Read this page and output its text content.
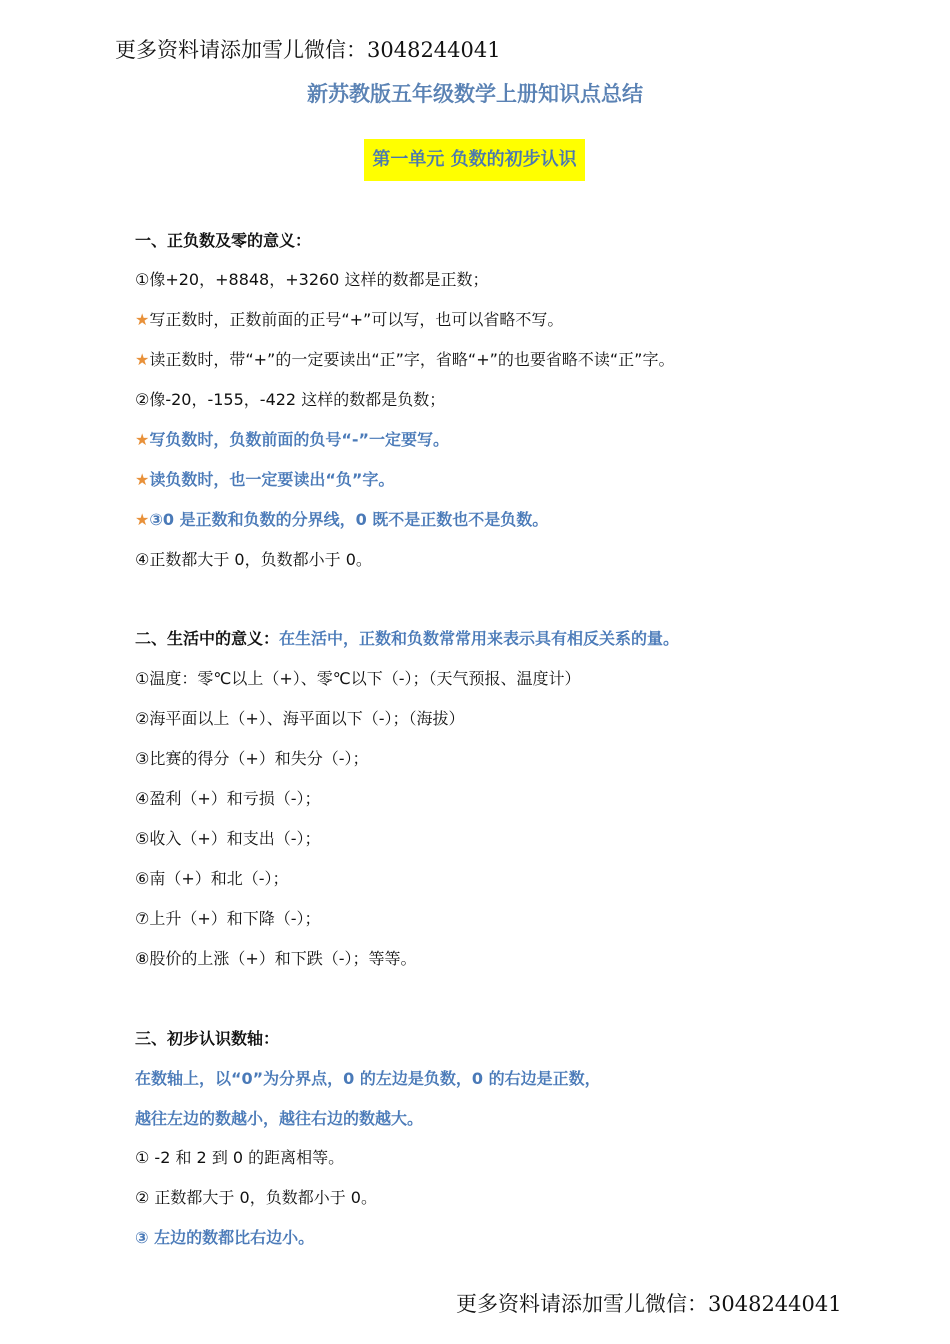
更多资料请添加雪儿微信：3048244041
新苏教版五年级数学上册知识点总结
第一单元 负数的初步认识
一、正负数及零的意义：
①像+20，+8848，+3260 这样的数都是正数；
★写正数时，正数前面的正号“+”可以写，也可以省略不写。
★读正数时，带“+”的一定要读出“正”字，省略“+”的也要省略不读“正”字。
②像-20，-155，-422 这样的数都是负数；
★写负数时，负数前面的负号“-”一定要写。
★读负数时，也一定要读出“负”字。
★③0 是正数和负数的分界线，0 既不是正数也不是负数。
④正数都大于 0，负数都小于 0。
二、生活中的意义：在生活中，正数和负数常常用来表示具有相反关系的量。
①温度：零℃以上（+）、零℃以下（-）；（天气预报、温度计）
②海平面以上（+）、海平面以下（-）；（海拔）
③比赛的得分（+）和失分（-）；
④盈利（+）和亏损（-）；
⑤收入（+）和支出（-）；
⑥南（+）和北（-）；
⑦上升（+）和下降（-）；
⑧股价的上涨（+）和下跌（-）；等等。
三、初步认识数轴：
在数轴上，以“0”为分界点，0 的左边是负数，0 的右边是正数，
越往左边的数越小，越往右边的数越大。
① -2 和 2 到 0 的距离相等。
② 正数都大于 0，负数都小于 0。
③ 左边的数都比右边小。
更多资料请添加雪儿微信：3048244041
